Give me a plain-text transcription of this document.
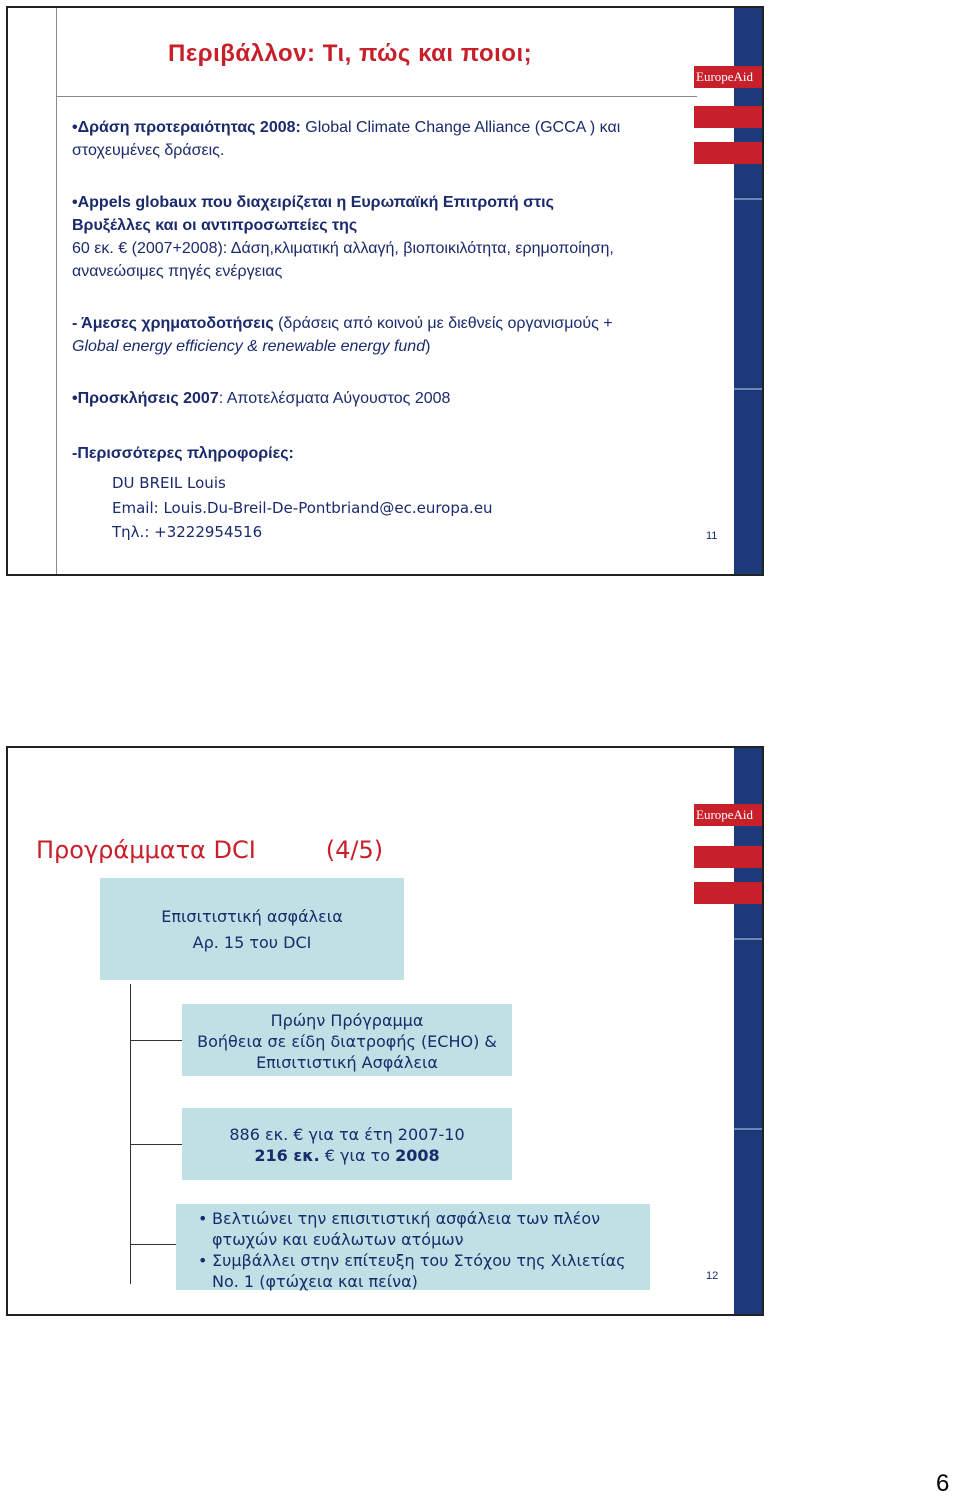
EuropeAid
Περιβάλλον: Τι, πώς και ποιοι;

•Δράση προτεραιότητας 2008: Global Climate Change Alliance (GCCA ) και στοχευμένες δράσεις.

•Appels globaux που διαχειρίζεται η Ευρωπαϊκή Επιτροπή στις Βρυξέλλες και οι αντιπροσωπείες της
60 εκ. € (2007+2008): Δάση,κλιματική αλλαγή, βιοποικιλότητα, ερημοποίηση, ανανεώσιμες πηγές ενέργειας

- Άμεσες χρηματοδοτήσεις (δράσεις από κοινού με διεθνείς οργανισμούς + Global energy efficiency & renewable energy fund)

•Προσκλήσεις 2007: Αποτελέσματα Αύγουστος 2008

-Περισσότερες πληροφορίες:

DU BREIL Louis
Email: Louis.Du-Breil-De-Pontbriand@ec.europa.eu
Τηλ.: +3222954516	11
EuropeAid
Προγράμματα DCI	(4/5)
Επισιτιστική ασφάλεια
Αρ. 15 του DCI
Πρώην Πρόγραμμα
Βοήθεια σε είδη διατροφής (ECHO) &
Επισιτιστική Ασφάλεια
886 εκ. € για τα έτη 2007-10
216 εκ. € για το 2008
• Βελτιώνει την επισιτιστική ασφάλεια των πλέον φτωχών και ευάλωτων ατόμων
• Συμβάλλει στην επίτευξη του Στόχου της Χιλιετίας Νο. 1 (φτώχεια και πείνα)	12
6
